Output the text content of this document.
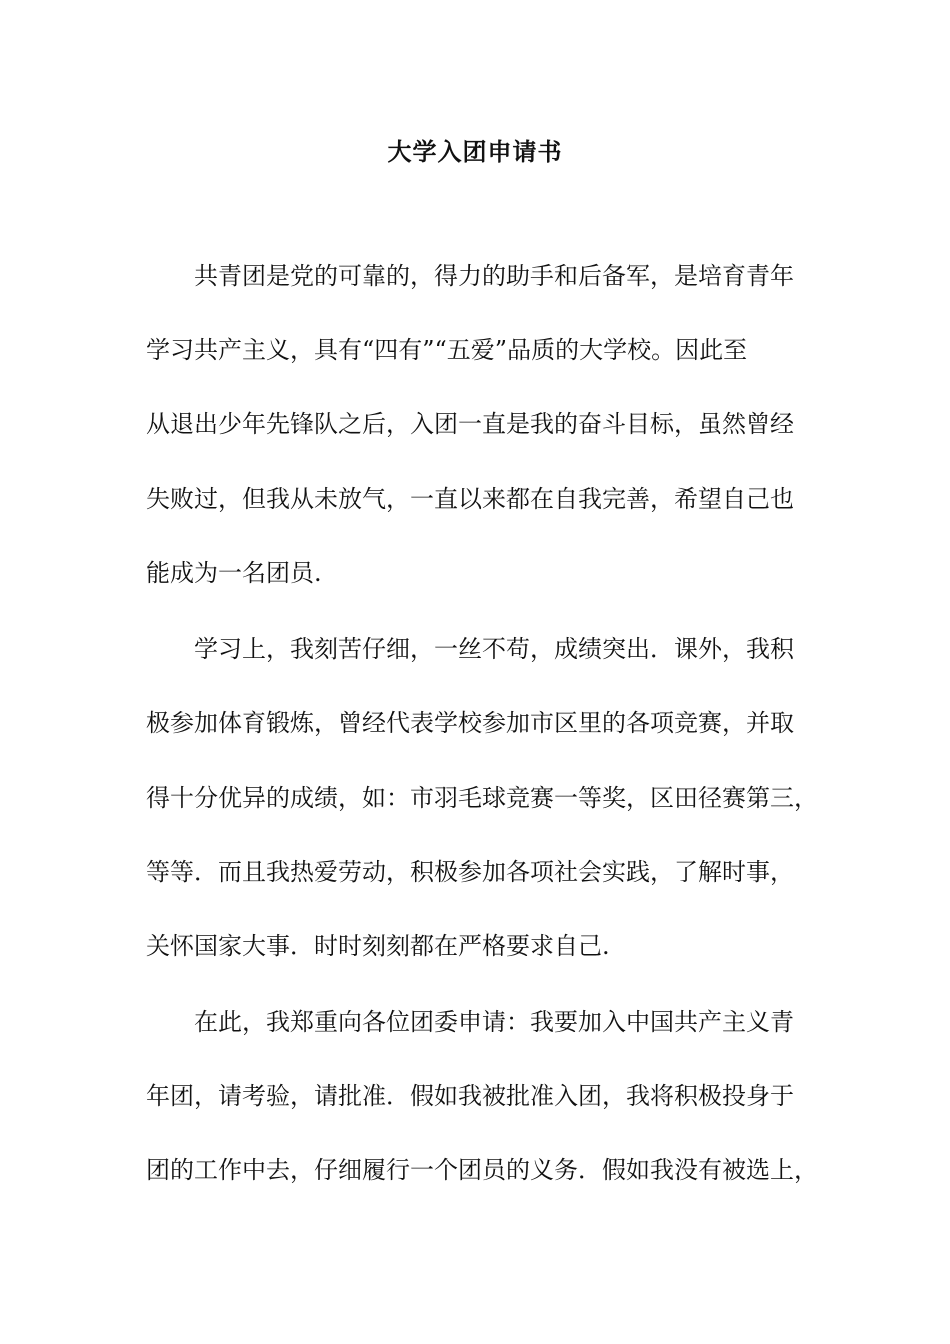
大学入团申请书
共青团是党的可靠的，得力的助手和后备军，是培育青年
学习共产主义，具有“四有”“五爱”品质的大学校。因此至
从退出少年先锋队之后，入团一直是我的奋斗目标，虽然曾经
失败过，但我从未放气，一直以来都在自我完善，希望自己也
能成为一名团员.
学习上，我刻苦仔细，一丝不苟，成绩突出．课外，我积
极参加体育锻炼，曾经代表学校参加市区里的各项竞赛，并取
得十分优异的成绩，如：市羽毛球竞赛一等奖，区田径赛第三，
等等．而且我热爱劳动，积极参加各项社会实践，了解时事，
关怀国家大事．时时刻刻都在严格要求自己.
在此，我郑重向各位团委申请：我要加入中国共产主义青
年团，请考验，请批准．假如我被批准入团，我将积极投身于
团的工作中去，仔细履行一个团员的义务．假如我没有被选上，
